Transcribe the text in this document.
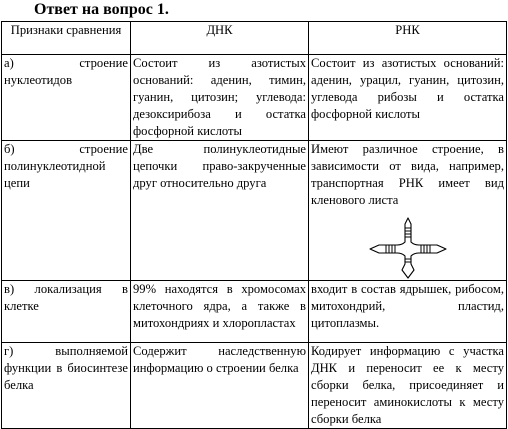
Ответ на вопрос 1.
Признаки сравнения	ДНК	РНК
а) строение нуклеотидов	Состоит из азотистых оснований: аденин, тимин, гуанин, цитозин; углевода: дезоксирибоза и остатка фосфорной кислоты	Состоит из азотистых оснований: аденин, урацил, гуанин, цитозин, углевода рибозы и остатка фосфорной кислоты
б) строение полинуклеотидной цепи	Две полинуклеотидные цепочки право-закрученные друг относительно друга	Имеют различное строение, в зависимости от вида, например, транспортная РНК имеет вид кленового листа

в) локализация в клетке	99% находятся в хромосомах клеточного ядра, а также в митохондриях и хлоропластах	входит в состав ядрышек, рибосом, митохондрий, пластид, цитоплазмы.
г) выполняемой функции в биосинтезе белка	Содержит наследственную информацию о строении белка	Кодирует информацию с участка ДНК и переносит ее к месту сборки белка, присоединяет и переносит аминокислоты к месту сборки белка
